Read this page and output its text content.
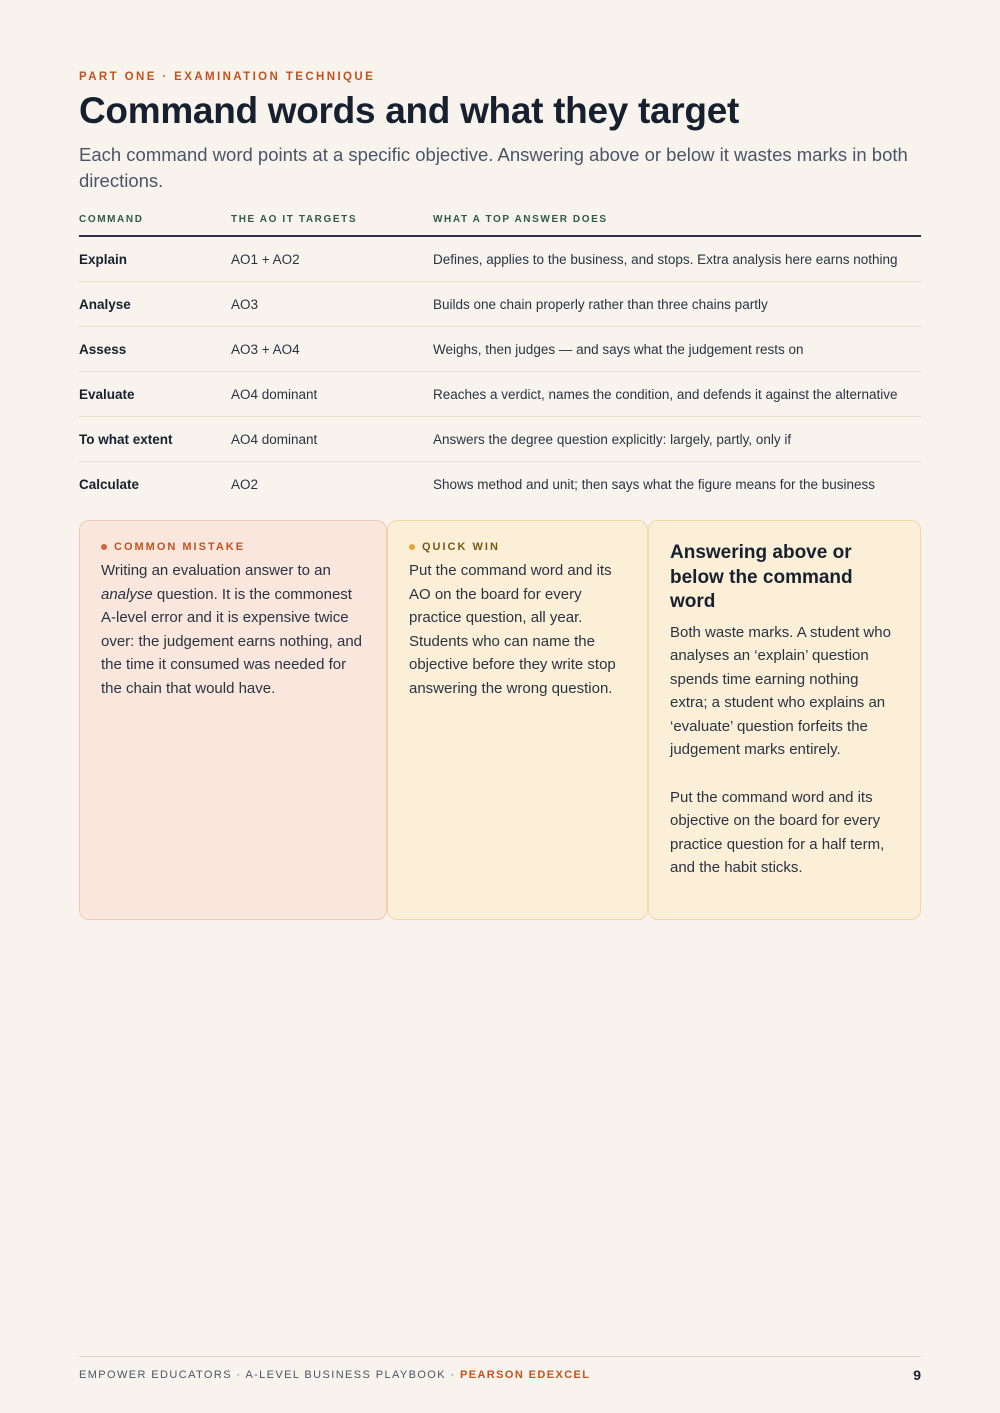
PART ONE · EXAMINATION TECHNIQUE
Command words and what they target

Each command word points at a specific objective. Answering above or below it wastes marks in both directions.

COMMAND	THE AO IT TARGETS	WHAT A TOP ANSWER DOES
Explain	AO1 + AO2	Defines, applies to the business, and stops. Extra analysis here earns nothing
Analyse	AO3	Builds one chain properly rather than three chains partly
Assess	AO3 + AO4	Weighs, then judges — and says what the judgement rests on
Evaluate	AO4 dominant	Reaches a verdict, names the condition, and defends it against the alternative
To what extent	AO4 dominant	Answers the degree question explicitly: largely, partly, only if
Calculate	AO2	Shows method and unit; then says what the figure means for the business
COMMON MISTAKE

Writing an evaluation answer to an analyse question. It is the commonest A-level error and it is expensive twice over: the judgement earns nothing, and the time it consumed was needed for the chain that would have.

QUICK WIN

Put the command word and its AO on the board for every practice question, all year. Students who can name the objective before they write stop answering the wrong question.

Answering above or below the command word

Both waste marks. A student who analyses an ‘explain’ question spends time earning nothing extra; a student who explains an ‘evaluate’ question forfeits the judgement marks entirely.

Put the command word and its objective on the board for every practice question for a half term, and the habit sticks.

EMPOWER EDUCATORS · A-LEVEL BUSINESS PLAYBOOK · PEARSON EDEXCEL	9
